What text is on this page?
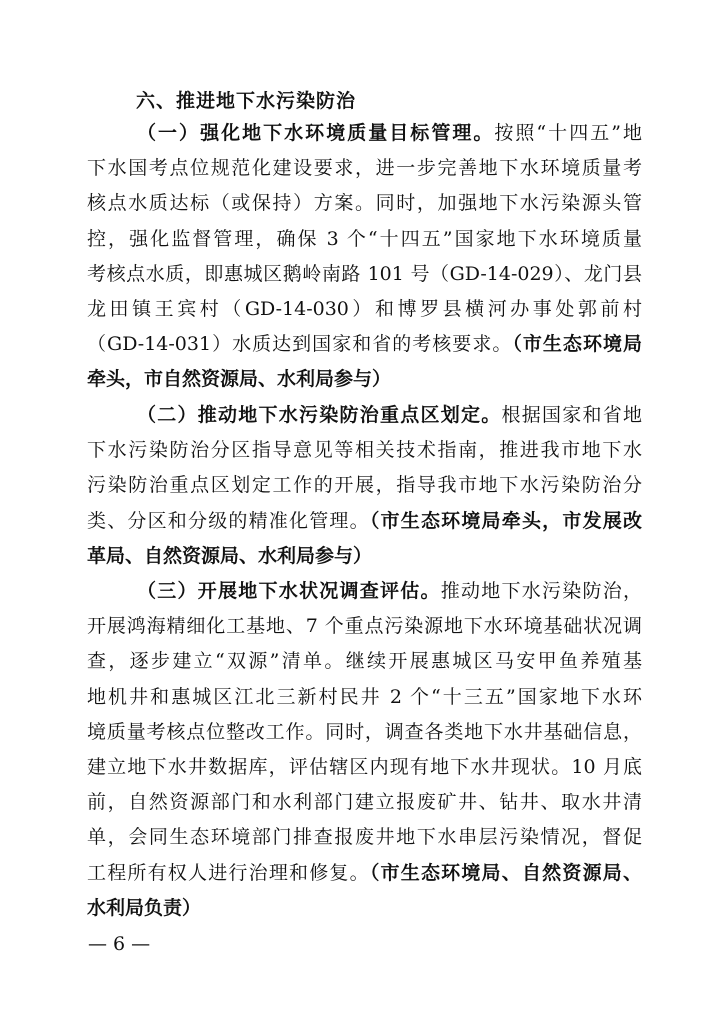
六、推进地下水污染防治
（一）强化地下水环境质量目标管理。按照“十四五”地
下水国考点位规范化建设要求，进一步完善地下水环境质量考
核点水质达标（或保持）方案。同时，加强地下水污染源头管
控，强化监督管理，确保 3 个“十四五”国家地下水环境质量
考核点水质，即惠城区鹅岭南路 101 号（GD-14-029）、龙门县
龙田镇王宾村（GD-14-030）和博罗县横河办事处郭前村
（GD-14-031）水质达到国家和省的考核要求。（市生态环境局
牵头，市自然资源局、水利局参与）
（二）推动地下水污染防治重点区划定。根据国家和省地
下水污染防治分区指导意见等相关技术指南，推进我市地下水
污染防治重点区划定工作的开展，指导我市地下水污染防治分
类、分区和分级的精准化管理。（市生态环境局牵头，市发展改
革局、自然资源局、水利局参与）
（三）开展地下水状况调查评估。推动地下水污染防治，
开展鸿海精细化工基地、7 个重点污染源地下水环境基础状况调
查，逐步建立“双源”清单。继续开展惠城区马安甲鱼养殖基
地机井和惠城区江北三新村民井 2 个“十三五”国家地下水环
境质量考核点位整改工作。同时，调查各类地下水井基础信息，
建立地下水井数据库，评估辖区内现有地下水井现状。10 月底
前，自然资源部门和水利部门建立报废矿井、钻井、取水井清
单，会同生态环境部门排查报废井地下水串层污染情况，督促
工程所有权人进行治理和修复。（市生态环境局、自然资源局、
水利局负责）
— 6 —
